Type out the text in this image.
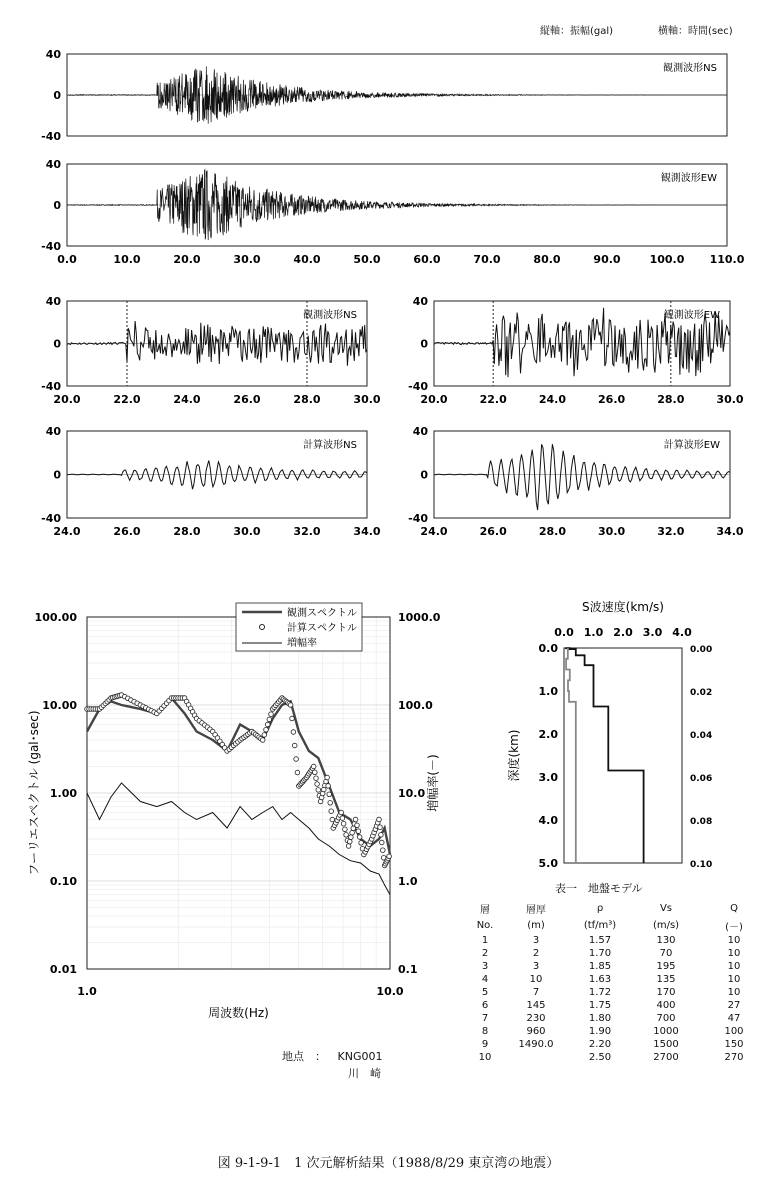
縦軸：振幅(gal)	横軸：時間(sec)
40
0
-40
観測波形NS
40
0
-40
0.0	10.0	20.0	30.0	40.0	50.0	60.0	70.0	80.0	90.0	100.0 110.0
観測波形EW
40
0
-40
20.0	22.0	24.0	26.0	28.0	30.0
観測波形NS
40
0
-40
20.0	22.0	24.0	26.0	28.0	30.0
観測波形EW
40
0
-40
24.0	26.0	28.0	30.0	32.0	34.0
計算波形NS
40
0
-40
24.0	26.0	28.0	30.0	32.0	34.0
計算波形EW
100.00
10.00
1.00
0.10
0.01
1000.0
100.0
10.0
1.0
0.1
1.0	10.0
周波数(Hz)
フーリエスペクトル (gal･sec)	増幅率(－)
観測スペクトル
計算スペクトル
増幅率
S波速度(km/s)
0.0 1.0 2.0 3.0 4.0
0.0
1.0
2.0
3.0
4.0
5.0
0.00
0.02
0.04
0.06
0.08
0.10
深度(km)
表一　地盤モデル
層	層厚	ρ	Vs	Q
No.	(m)	(tf/m³)	(m/s)	(－)
1	3	1.57	130	10
2	2	1.70	70	10
3	3	1.85	195	10
4	10	1.63	135	10
5	7	1.72	170	10
6	145	1.75	400	27
7	230	1.80	700	47
8	960	1.90	1000	100
9	1490.0	2.20	1500	150
10		2.50	2700	270
地点　： KNG001
川　崎
図 9-1-9-1　1 次元解析結果（1988/8/29 東京湾の地震）
